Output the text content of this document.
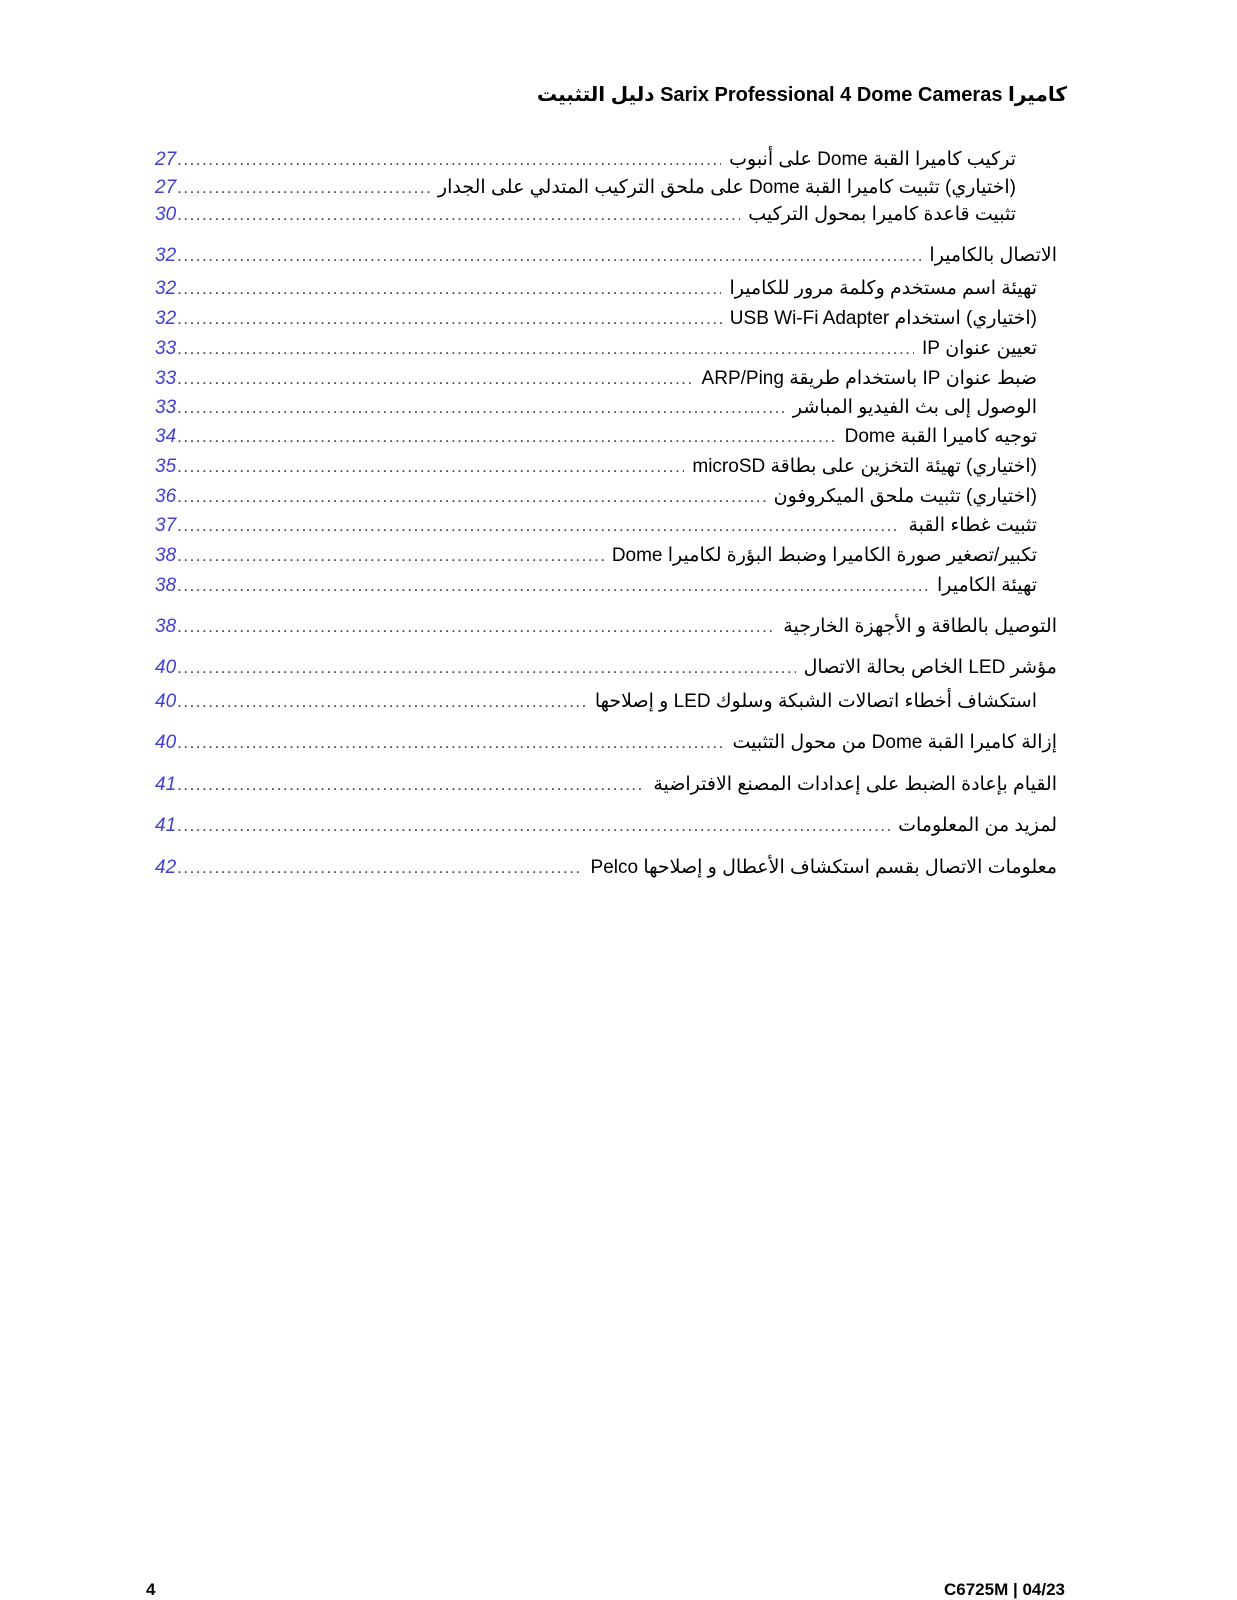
كاميرا Sarix Professional 4 Dome Cameras دليل التثبيت
27 .....	تركيب كاميرا القبة Dome على أنبوب
27 .....	(اختياري) تثبيت كاميرا القبة Dome على ملحق التركيب المتدلي على الجدار
30 .....	تثبيت قاعدة كاميرا بمحول التركيب
32 .....	الاتصال بالكاميرا
32 .....	تهيئة اسم مستخدم وكلمة مرور للكاميرا
32 .....	(اختياري) استخدام USB Wi-Fi Adapter
33 .....	تعيين عنوان IP
33 .....	ضبط عنوان IP باستخدام طريقة ARP/Ping
33 .....	الوصول إلى بث الفيديو المباشر
34 .....	توجيه كاميرا القبة Dome
35 .....	(اختياري) تهيئة التخزين على بطاقة microSD
36 .....	(اختياري) تثبيت ملحق الميكروفون
37 .....	تثبيت غطاء القبة
38 .....	تكبير/تصغير صورة الكاميرا وضبط البؤرة لكاميرا Dome
38 .....	تهيئة الكاميرا
38 .....	التوصيل بالطاقة و الأجهزة الخارجية
40 .....	مؤشر LED الخاص بحالة الاتصال
40 .....	استكشاف أخطاء اتصالات الشبكة وسلوك LED و إصلاحها
40 .....	إزالة كاميرا القبة Dome من محول التثبيت
41 .....	القيام بإعادة الضبط على إعدادات المصنع الافتراضية
41 .....	لمزيد من المعلومات
42 .....	معلومات الاتصال بقسم استكشاف الأعطال و إصلاحها Pelco
4	C6725M | 04/23
